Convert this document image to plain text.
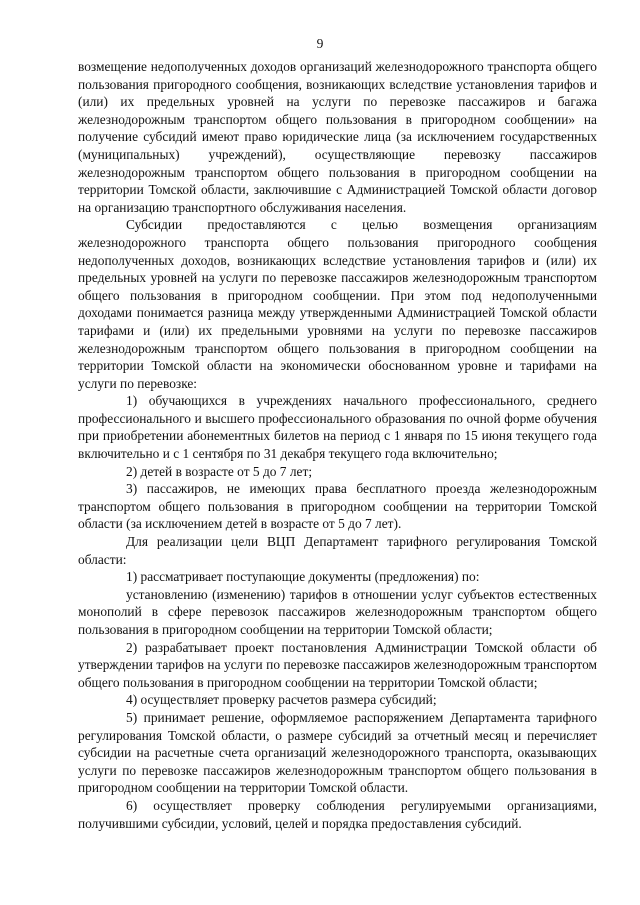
9

возмещение недополученных доходов организаций железнодорожного транспорта общего пользования пригородного сообщения, возникающих вследствие установления тарифов и (или) их предельных уровней на услуги по перевозке пассажиров и багажа железнодорожным транспортом общего пользования в пригородном сообщении» на получение субсидий имеют право юридические лица (за исключением государственных (муниципальных) учреждений), осуществляющие перевозку пассажиров железнодорожным транспортом общего пользования в пригородном сообщении на территории Томской области, заключившие с Администрацией Томской области договор на организацию транспортного обслуживания населения.

Субсидии предоставляются с целью возмещения организациям железнодорожного транспорта общего пользования пригородного сообщения недополученных доходов, возникающих вследствие установления тарифов и (или) их предельных уровней на услуги по перевозке пассажиров железнодорожным транспортом общего пользования в пригородном сообщении. При этом под недополученными доходами понимается разница между утвержденными Администрацией Томской области тарифами и (или) их предельными уровнями на услуги по перевозке пассажиров железнодорожным транспортом общего пользования в пригородном сообщении на территории Томской области на экономически обоснованном уровне и тарифами на услуги по перевозке:

1) обучающихся в учреждениях начального профессионального, среднего профессионального и высшего профессионального образования по очной форме обучения при приобретении абонементных билетов на период с 1 января по 15 июня текущего года включительно и с 1 сентября по 31 декабря текущего года включительно;

2) детей в возрасте от 5 до 7 лет;

3) пассажиров, не имеющих права бесплатного проезда железнодорожным транспортом общего пользования в пригородном сообщении на территории Томской области (за исключением детей в возрасте от 5 до 7 лет).

Для реализации цели ВЦП Департамент тарифного регулирования Томской области:

1) рассматривает поступающие документы (предложения) по:

установлению (изменению) тарифов в отношении услуг субъектов естественных монополий в сфере перевозок пассажиров железнодорожным транспортом общего пользования в пригородном сообщении на территории Томской области;

2) разрабатывает проект постановления Администрации Томской области об утверждении тарифов на услуги по перевозке пассажиров железнодорожным транспортом общего пользования в пригородном сообщении на территории Томской области;

4) осуществляет проверку расчетов размера субсидий;

5) принимает решение, оформляемое распоряжением Департамента тарифного регулирования Томской области, о размере субсидий за отчетный месяц и перечисляет субсидии на расчетные счета организаций железнодорожного транспорта, оказывающих услуги по перевозке пассажиров железнодорожным транспортом общего пользования в пригородном сообщении на территории Томской области.

6) осуществляет проверку соблюдения регулируемыми организациями, получившими субсидии, условий, целей и порядка предоставления субсидий.
